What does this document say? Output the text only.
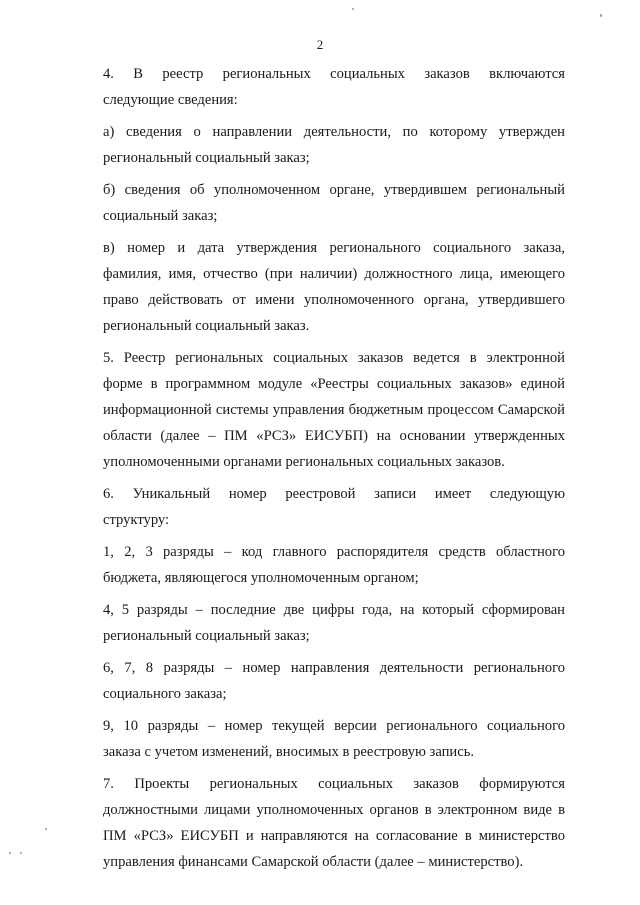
2

4. В реестр региональных социальных заказов включаются
следующие сведения:

а) сведения о направлении деятельности, по которому утвержден
региональный социальный заказ;

б) сведения об уполномоченном органе, утвердившем региональный
социальный заказ;

в) номер и дата утверждения регионального социального заказа,
фамилия, имя, отчество (при наличии) должностного лица, имеющего
право действовать от имени уполномоченного органа, утвердившего
региональный социальный заказ.

5. Реестр региональных социальных заказов ведется в электронной
форме в программном модуле «Реестры социальных заказов» единой
информационной системы управления бюджетным процессом Самарской
области (далее – ПМ «РСЗ» ЕИСУБП) на основании утвержденных
уполномоченными органами региональных социальных заказов.

6. Уникальный номер реестровой записи имеет следующую
структуру:

1, 2, 3 разряды – код главного распорядителя средств областного
бюджета, являющегося уполномоченным органом;

4, 5 разряды – последние две цифры года, на который сформирован
региональный социальный заказ;

6, 7, 8 разряды – номер направления деятельности регионального
социального заказа;

9, 10 разряды – номер текущей версии регионального социального
заказа с учетом изменений, вносимых в реестровую запись.

7. Проекты региональных социальных заказов формируются
должностными лицами уполномоченных органов в электронном виде в
ПМ «РСЗ» ЕИСУБП и направляются на согласование в министерство
управления финансами Самарской области (далее – министерство).
